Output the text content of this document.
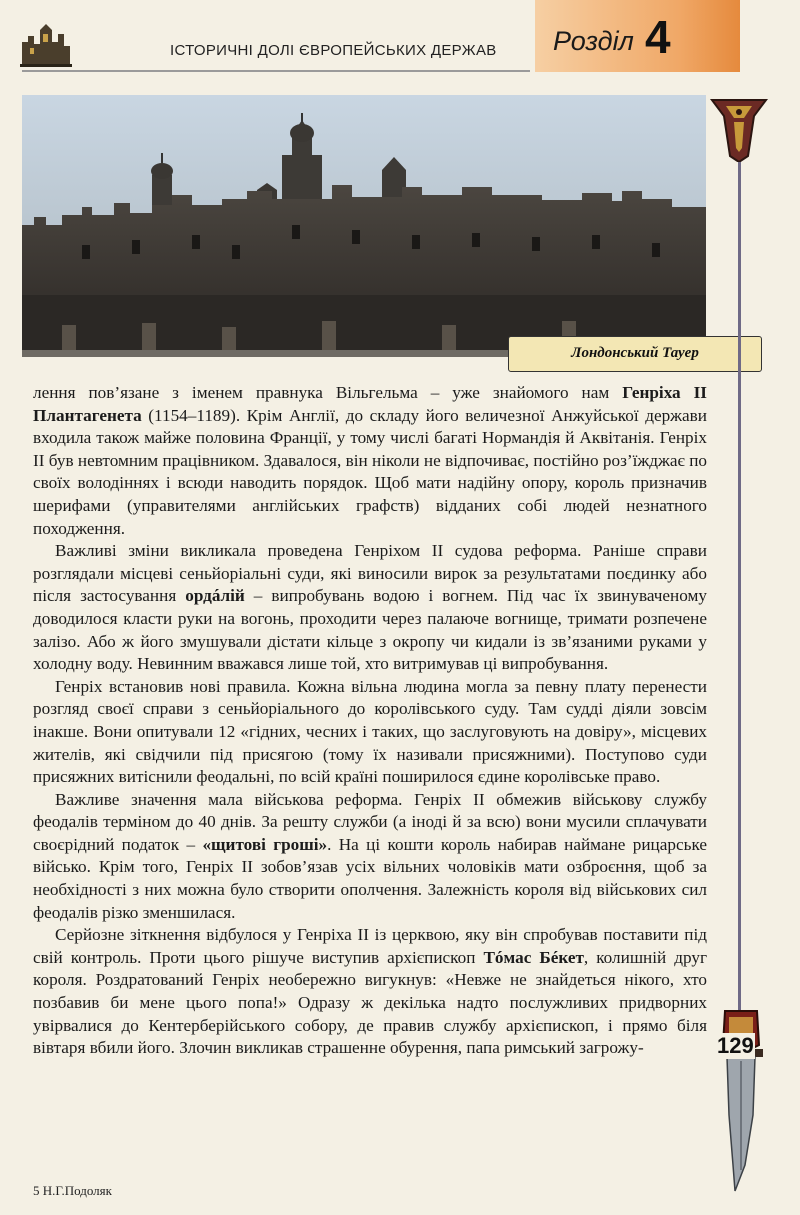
ІСТОРИЧНІ ДОЛІ ЄВРОПЕЙСЬКИХ ДЕРЖАВ Розділ 4
Лондонський Тауер
129

лення пов’язане з іменем правнука Вільгельма – уже знайомого нам Генріха II Плантагенета (1154–1189). Крім Англії, до складу його величезної Анжуйської держави входила також майже половина Франції, у тому числі багаті Нормандія й Аквітанія. Генріх II був невтомним працівником. Здавалося, він ніколи не відпочиває, постійно роз’їжджає по своїх володіннях і всюди наводить порядок. Щоб мати надійну опору, король призначив шерифами (управителями англійських графств) відданих собі людей незнатного походження.

Важливі зміни викликала проведена Генріхом II судова реформа. Раніше справи розглядали місцеві сеньйоріальні суди, які виносили вирок за результатами поєдинку або після застосування ордáлій – випробувань водою і вогнем. Під час їх звинуваченому доводилося класти руки на вогонь, проходити через палаюче вогнище, тримати розпечене залізо. Або ж його змушували дістати кільце з окропу чи кидали із зв’язаними руками у холодну воду. Невинним вважався лише той, хто витримував ці випробування.

Генріх встановив нові правила. Кожна вільна людина могла за певну плату перенести розгляд своєї справи з сеньйоріального до королівського суду. Там судді діяли зовсім інакше. Вони опитували 12 «гідних, чесних і таких, що заслуговують на довіру», місцевих жителів, які свідчили під присягою (тому їх називали присяжними). Поступово суди присяжних витіснили феодальні, по всій країні поширилося єдине королівське право.

Важливе значення мала військова реформа. Генріх II обмежив військову службу феодалів терміном до 40 днів. За решту служби (а іноді й за всю) вони мусили сплачувати своєрідний податок – «щитові гроші». На ці кошти король набирав наймане рицарське військо. Крім того, Генріх II зобов’язав усіх вільних чоловіків мати озброєння, щоб за необхідності з них можна було створити ополчення. Залежність короля від військових сил феодалів різко зменшилася.

Серйозне зіткнення відбулося у Генріха II із церквою, яку він спробував поставити під свій контроль. Проти цього рішуче виступив архієпископ Тóмас Бéкет, колишній друг короля. Роздратований Генріх необережно вигукнув: «Невже не знайдеться нікого, хто позбавив би мене цього попа!» Одразу ж декілька надто послужливих придворних увірвалися до Кентерберійського собору, де правив службу архієпископ, і прямо біля вівтаря вбили його. Злочин викликав страшенне обурення, папа римський загрожу-

5 Н.Г.Подоляк
